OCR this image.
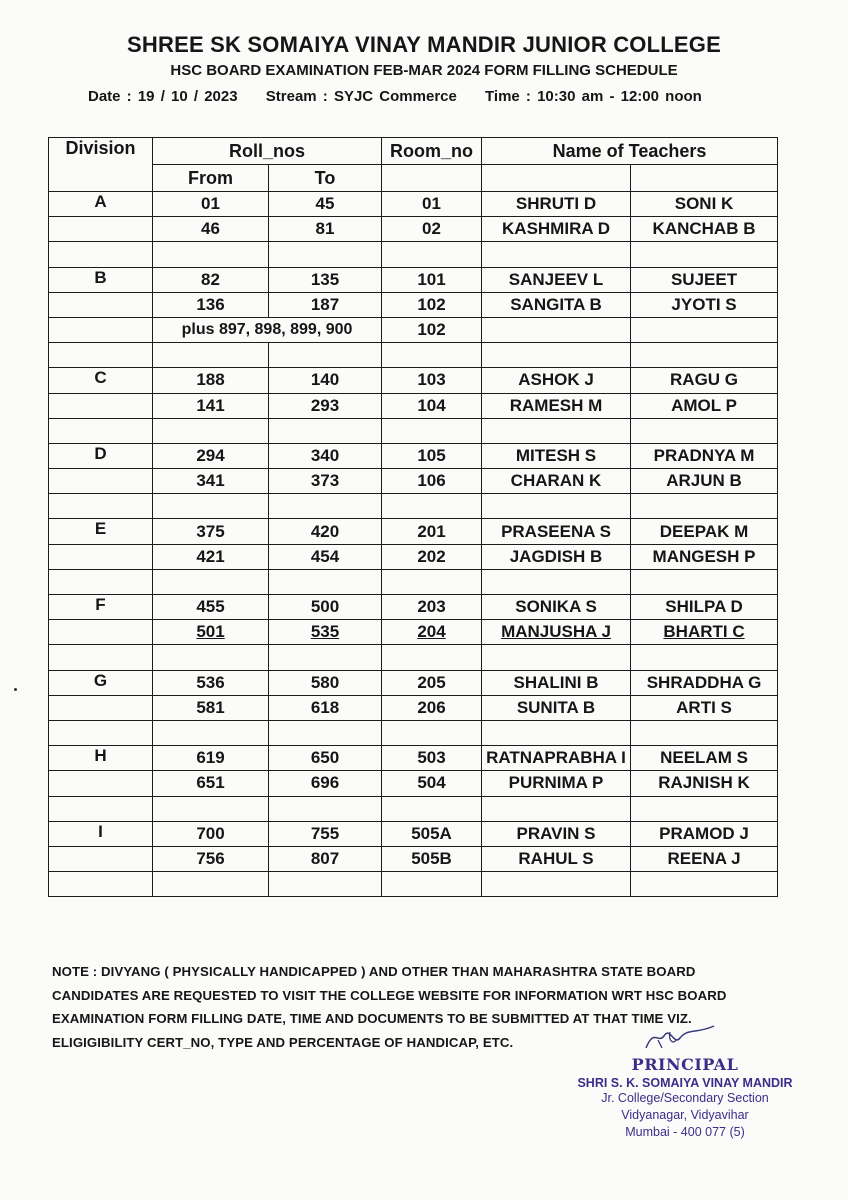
SHREE SK SOMAIYA VINAY MANDIR JUNIOR COLLEGE
HSC BOARD EXAMINATION FEB-MAR 2024 FORM FILLING SCHEDULE
Date : 19 / 10 / 2023 Stream : SYJC Commerce Time : 10:30 am - 12:00 noon
Division	Roll_nos		Room_no	Name of Teachers	
	From	To			
A	01	45	01	SHRUTI D	SONI K
	46	81	02	KASHMIRA D	KANCHAB B

B	82	135	101	SANJEEV L	SUJEET
	136	187	102	SANGITA B	JYOTI S
	plus 897, 898, 899, 900		102		

C	188	140	103	ASHOK J	RAGU G
	141	293	104	RAMESH M	AMOL P

D	294	340	105	MITESH S	PRADNYA M
	341	373	106	CHARAN K	ARJUN B

E	375	420	201	PRASEENA S	DEEPAK M
	421	454	202	JAGDISH B	MANGESH P

F	455	500	203	SONIKA S	SHILPA D
	501	535	204	MANJUSHA J	BHARTI C

G	536	580	205	SHALINI B	SHRADDHA G
	581	618	206	SUNITA B	ARTI S

H	619	650	503	RATNAPRABHA I	NEELAM S
	651	696	504	PURNIMA P	RAJNISH K

I	700	755	505A	PRAVIN S	PRAMOD J
	756	807	505B	RAHUL S	REENA J

NOTE : DIVYANG ( PHYSICALLY HANDICAPPED ) AND OTHER THAN MAHARASHTRA STATE BOARD
CANDIDATES ARE REQUESTED TO VISIT THE COLLEGE WEBSITE FOR INFORMATION WRT HSC BOARD
EXAMINATION FORM FILLING DATE, TIME AND DOCUMENTS TO BE SUBMITTED AT THAT TIME VIZ.
ELIGIGIBILITY CERT_NO, TYPE AND PERCENTAGE OF HANDICAP, ETC.
PRINCIPAL
SHRI S. K. SOMAIYA VINAY MANDIR
Jr. College/Secondary Section
Vidyanagar, Vidyavihar
Mumbai - 400 077 (5)
